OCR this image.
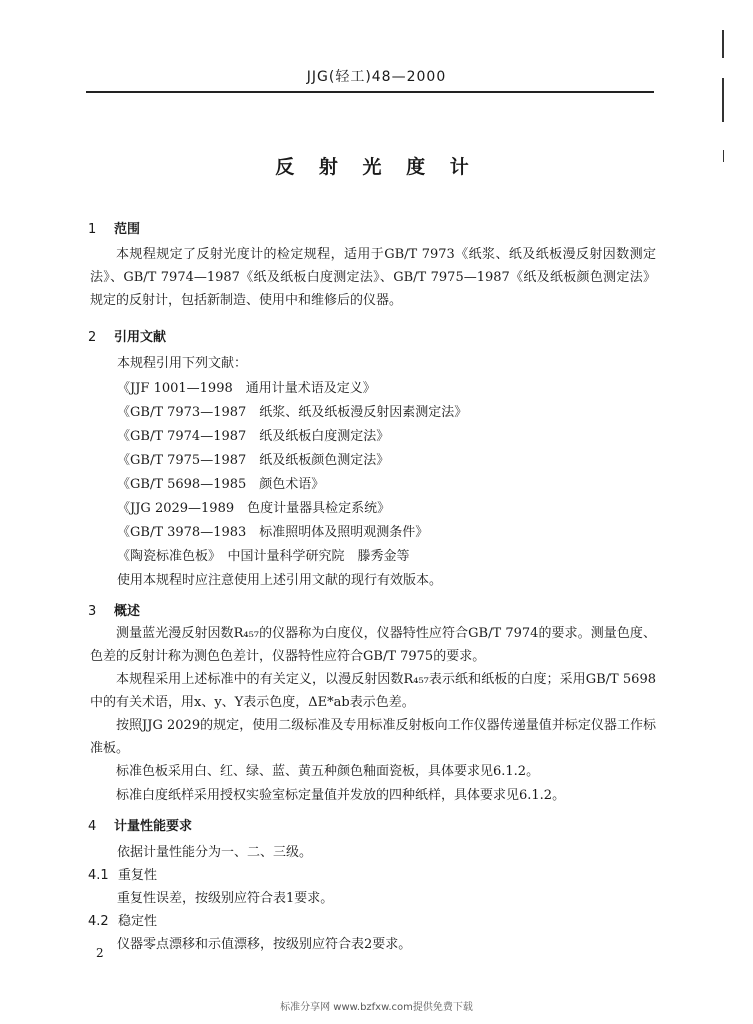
JJG(轻工)48—2000
反 射 光 度 计
1 范围

本规程规定了反射光度计的检定规程，适用于GB/T 7973《纸浆、纸及纸板漫反射因数测定法》、GB/T 7974—1987《纸及纸板白度测定法》、GB/T 7975—1987《纸及纸板颜色测定法》规定的反射计，包括新制造、使用中和维修后的仪器。

2 引用文献
本规程引用下列文献：
《JJF 1001—1998　通用计量术语及定义》
《GB/T 7973—1987　纸浆、纸及纸板漫反射因素测定法》
《GB/T 7974—1987　纸及纸板白度测定法》
《GB/T 7975—1987　纸及纸板颜色测定法》
《GB/T 5698—1985　颜色术语》
《JJG 2029—1989　色度计量器具检定系统》
《GB/T 3978—1983　标准照明体及照明观测条件》
《陶瓷标准色板》　中国计量科学研究院　滕秀金等
使用本规程时应注意使用上述引用文献的现行有效版本。
3 概述

测量蓝光漫反射因数R₄₅₇的仪器称为白度仪，仪器特性应符合GB/T 7974的要求。测量色度、色差的反射计称为测色色差计，仪器特性应符合GB/T 7975的要求。

本规程采用上述标准中的有关定义，以漫反射因数R₄₅₇表示纸和纸板的白度；采用GB/T 5698中的有关术语，用x、y、Y表示色度，ΔE*ab表示色差。

按照JJG 2029的规定，使用二级标准及专用标准反射板向工作仪器传递量值并标定仪器工作标准板。

标准色板采用白、红、绿、蓝、黄五种颜色釉面瓷板，具体要求见6.1.2。

标准白度纸样采用授权实验室标定量值并发放的四种纸样，具体要求见6.1.2。

4 计量性能要求
依据计量性能分为一、二、三级。
4.1 重复性
重复性误差，按级别应符合表1要求。
4.2 稳定性
仪器零点漂移和示值漂移，按级别应符合表2要求。
2
标准分享网 www.bzfxw.com提供免费下载
